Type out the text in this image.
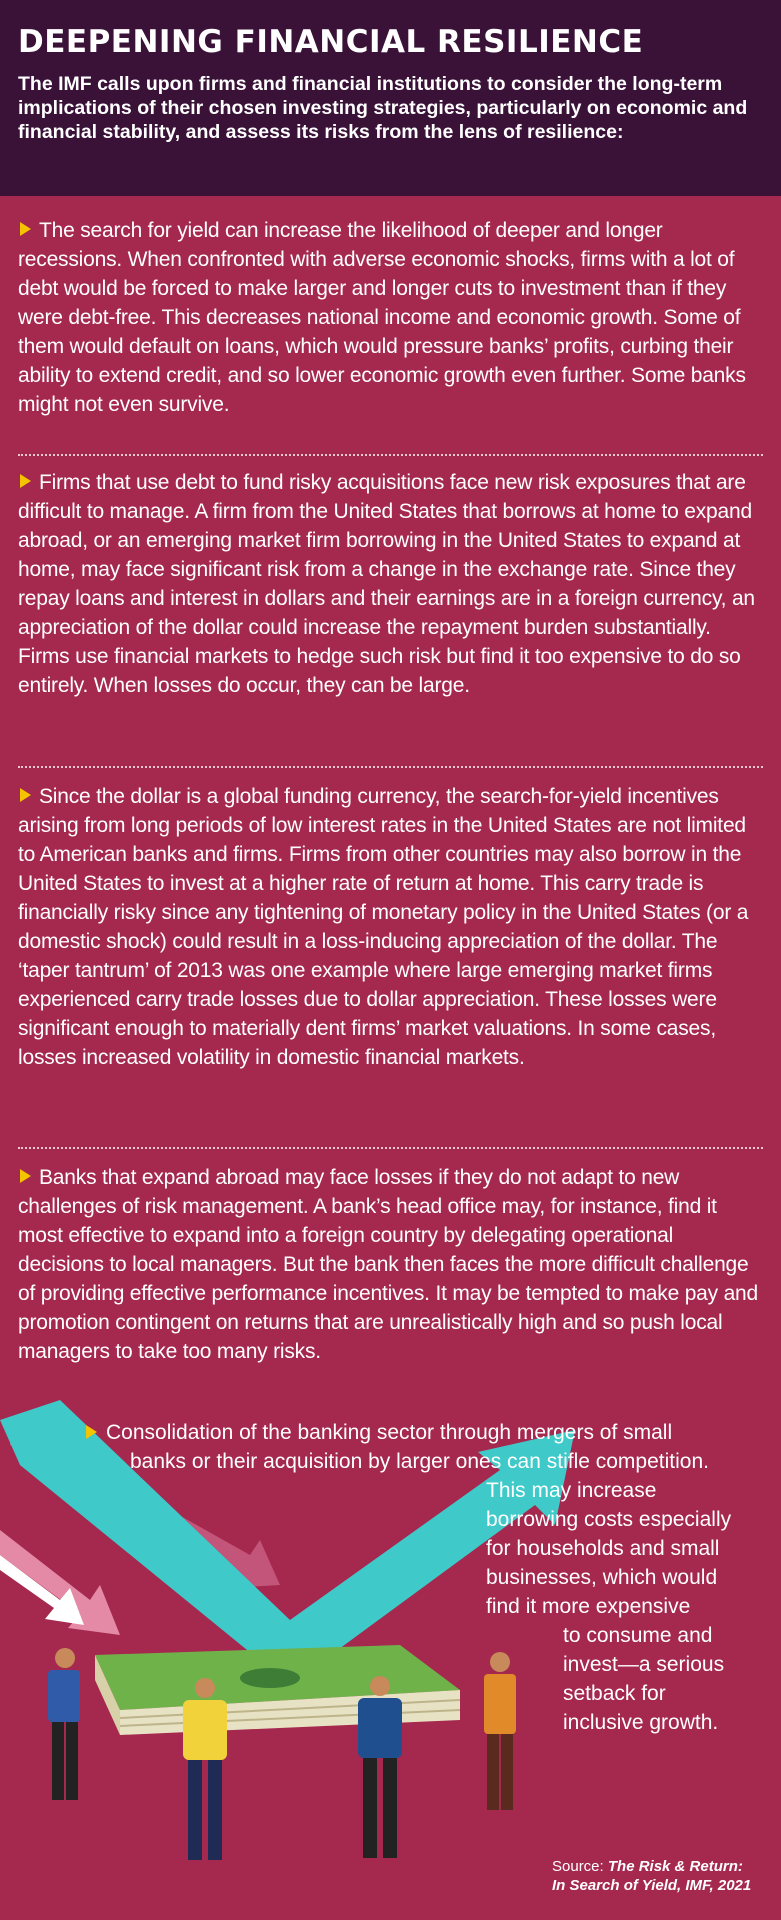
DEEPENING FINANCIAL RESILIENCE

The IMF calls upon firms and financial institutions to consider the long-term implications of their chosen investing strategies, particularly on economic and financial stability, and assess its risks from the lens of resilience:

The search for yield can increase the likelihood of deeper and longer recessions. When confronted with adverse economic shocks, firms with a lot of debt would be forced to make larger and longer cuts to investment than if they were debt-free. This decreases national income and economic growth. Some of them would default on loans, which would pressure banks’ profits, curbing their ability to extend credit, and so lower economic growth even further. Some banks might not even survive.
Firms that use debt to fund risky acquisitions face new risk exposures that are difficult to manage. A firm from the United States that borrows at home to expand abroad, or an emerging market firm borrowing in the United States to expand at home, may face significant risk from a change in the exchange rate. Since they repay loans and interest in dollars and their earnings are in a foreign currency, an appreciation of the dollar could increase the repayment burden substantially. Firms use financial markets to hedge such risk but find it too expensive to do so entirely. When losses do occur, they can be large.
Since the dollar is a global funding currency, the search-for-yield incentives arising from long periods of low interest rates in the United States are not limited to American banks and firms. Firms from other countries may also borrow in the United States to invest at a higher rate of return at home. This carry trade is financially risky since any tightening of monetary policy in the United States (or a domestic shock) could result in a loss-inducing appreciation of the dollar. The ‘taper tantrum’ of 2013 was one example where large emerging market firms experienced carry trade losses due to dollar appreciation. These losses were significant enough to materially dent firms’ market valuations. In some cases, losses increased volatility in domestic financial markets.
Banks that expand abroad may face losses if they do not adapt to new challenges of risk management. A bank’s head office may, for instance, find it most effective to expand into a foreign country by delegating operational decisions to local managers. But the bank then faces the more difficult challenge of providing effective performance incentives. It may be tempted to make pay and promotion contingent on returns that are unrealistically high and so push local managers to take too many risks.
Consolidation of the banking sector through mergers of small
banks or their acquisition by larger ones can stifle competition.
This may increase
borrowing costs especially
for households and small
businesses, which would
find it more expensive
to consume and
invest—a serious
setback for
inclusive growth.
Source: The Risk & Return:
In Search of Yield, IMF, 2021
